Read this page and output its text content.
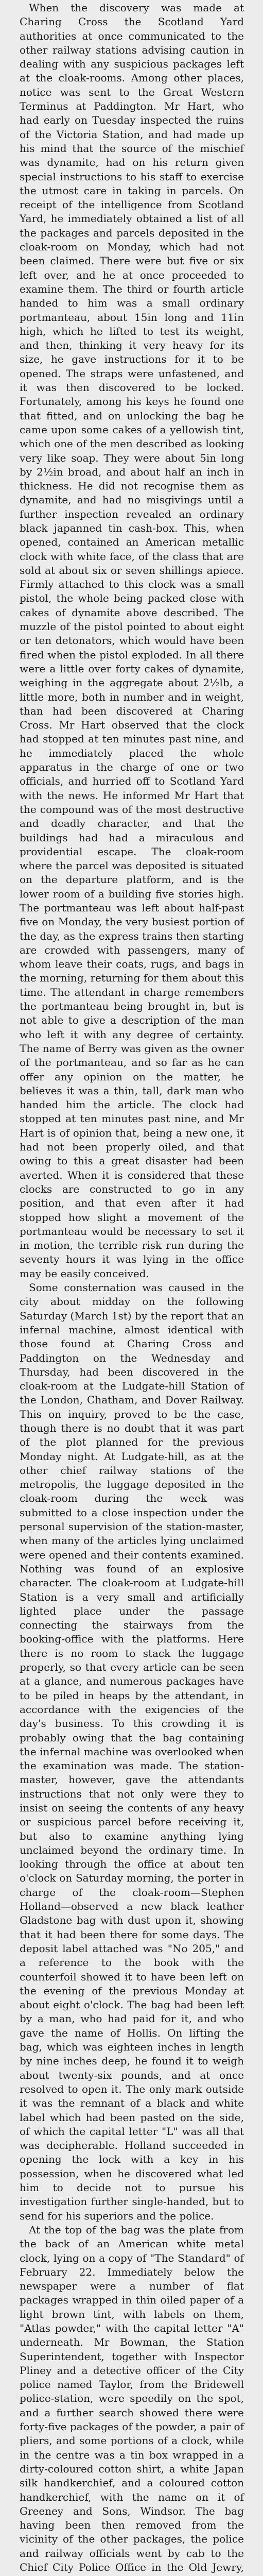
When the discovery was made at Charing Cross the Scotland Yard authorities at once communicated to the other railway stations advising caution in dealing with any suspicious packages left at the cloak-rooms. Among other places, notice was sent to the Great Western Terminus at Paddington. Mr Hart, who had early on Tuesday inspected the ruins of the Victoria Station, and had made up his mind that the source of the mischief was dynamite, had on his return given special instructions to his staff to exercise the utmost care in taking in parcels. On receipt of the intelligence from Scotland Yard, he immediately obtained a list of all the packages and parcels deposited in the cloak-room on Monday, which had not been claimed. There were but five or six left over, and he at once proceeded to examine them. The third or fourth article handed to him was a small ordinary portmanteau, about 15in long and 11in high, which he lifted to test its weight, and then, thinking it very heavy for its size, he gave instructions for it to be opened. The straps were unfastened, and it was then discovered to be locked. Fortunately, among his keys he found one that fitted, and on unlocking the bag he came upon some cakes of a yellowish tint, which one of the men described as looking very like soap. They were about 5in long by 2½in broad, and about half an inch in thickness. He did not recognise them as dynamite, and had no misgivings until a further inspection revealed an ordinary black japanned tin cash-box. This, when opened, contained an American metallic clock with white face, of the class that are sold at about six or seven shillings apiece. Firmly attached to this clock was a small pistol, the whole being packed close with cakes of dynamite above described. The muzzle of the pistol pointed to about eight or ten detonators, which would have been fired when the pistol exploded. In all there were a little over forty cakes of dynamite, weighing in the aggregate about 2½lb, a little more, both in number and in weight, than had been discovered at Charing Cross. Mr Hart observed that the clock had stopped at ten minutes past nine, and he immediately placed the whole apparatus in the charge of one or two officials, and hurried off to Scotland Yard with the news. He informed Mr Hart that the compound was of the most destructive and deadly character, and that the buildings had had a miraculous and providential escape. The cloak-room where the parcel was deposited is situated on the departure platform, and is the lower room of a building five stories high. The portmanteau was left about half-past five on Monday, the very busiest portion of the day, as the express trains then starting are crowded with passengers, many of whom leave their coats, rugs, and bags in the morning, returning for them about this time. The attendant in charge remembers the portmanteau being brought in, but is not able to give a description of the man who left it with any degree of certainty. The name of Berry was given as the owner of the portmanteau, and so far as he can offer any opinion on the matter, he believes it was a thin, tall, dark man who handed him the article. The clock had stopped at ten minutes past nine, and Mr Hart is of opinion that, being a new one, it had not been properly oiled, and that owing to this a great disaster had been averted. When it is considered that these clocks are constructed to go in any position, and that even after it had stopped how slight a movement of the portmanteau would be necessary to set it in motion, the terrible risk run during the seventy hours it was lying in the office may be easily conceived.

Some consternation was caused in the city about midday on the following Saturday (March 1st) by the report that an infernal machine, almost identical with those found at Charing Cross and Paddington on the Wednesday and Thursday, had been discovered in the cloak-room at the Ludgate-hill Station of the London, Chatham, and Dover Railway. This on inquiry, proved to be the case, though there is no doubt that it was part of the plot planned for the previous Monday night. At Ludgate-hill, as at the other chief railway stations of the metropolis, the luggage deposited in the cloak-room during the week was submitted to a close inspection under the personal supervision of the station-master, when many of the articles lying unclaimed were opened and their contents examined. Nothing was found of an explosive character. The cloak-room at Ludgate-hill Station is a very small and artificially lighted place under the passage connecting the stairways from the booking-office with the platforms. Here there is no room to stack the luggage properly, so that every article can be seen at a glance, and numerous packages have to be piled in heaps by the attendant, in accordance with the exigencies of the day's business. To this crowding it is probably owing that the bag containing the infernal machine was overlooked when the examination was made. The station-master, however, gave the attendants instructions that not only were they to insist on seeing the contents of any heavy or suspicious parcel before receiving it, but also to examine anything lying unclaimed beyond the ordinary time. In looking through the office at about ten o'clock on Saturday morning, the porter in charge of the cloak-room—Stephen Holland—observed a new black leather Gladstone bag with dust upon it, showing that it had been there for some days. The deposit label attached was "No 205," and a reference to the book with the counterfoil showed it to have been left on the evening of the previous Monday at about eight o'clock. The bag had been left by a man, who had paid for it, and who gave the name of Hollis. On lifting the bag, which was eighteen inches in length by nine inches deep, he found it to weigh about twenty-six pounds, and at once resolved to open it. The only mark outside it was the remnant of a black and white label which had been pasted on the side, of which the capital letter "L" was all that was decipherable. Holland succeeded in opening the lock with a key in his possession, when he discovered what led him to decide not to pursue his investigation further single-handed, but to send for his superiors and the police.

At the top of the bag was the plate from the back of an American white metal clock, lying on a copy of "The Standard" of February 22. Immediately below the newspaper were a number of flat packages wrapped in thin oiled paper of a light brown tint, with labels on them, "Atlas powder," with the capital letter "A" underneath. Mr Bowman, the Station Superintendent, together with Inspector Pliney and a detective officer of the City police named Taylor, from the Bridewell police-station, were speedily on the spot, and a further search showed there were forty-five packages of the powder, a pair of pliers, and some portions of a clock, while in the centre was a tin box wrapped in a dirty-coloured cotton shirt, a white Japan silk handkerchief, and a coloured cotton handkerchief, with the name on it of Greeney and Sons, Windsor. The bag having been then removed from the vicinity of the other packages, the police and railway officials went by cab to the Chief City Police Office in the Old Jewry,
